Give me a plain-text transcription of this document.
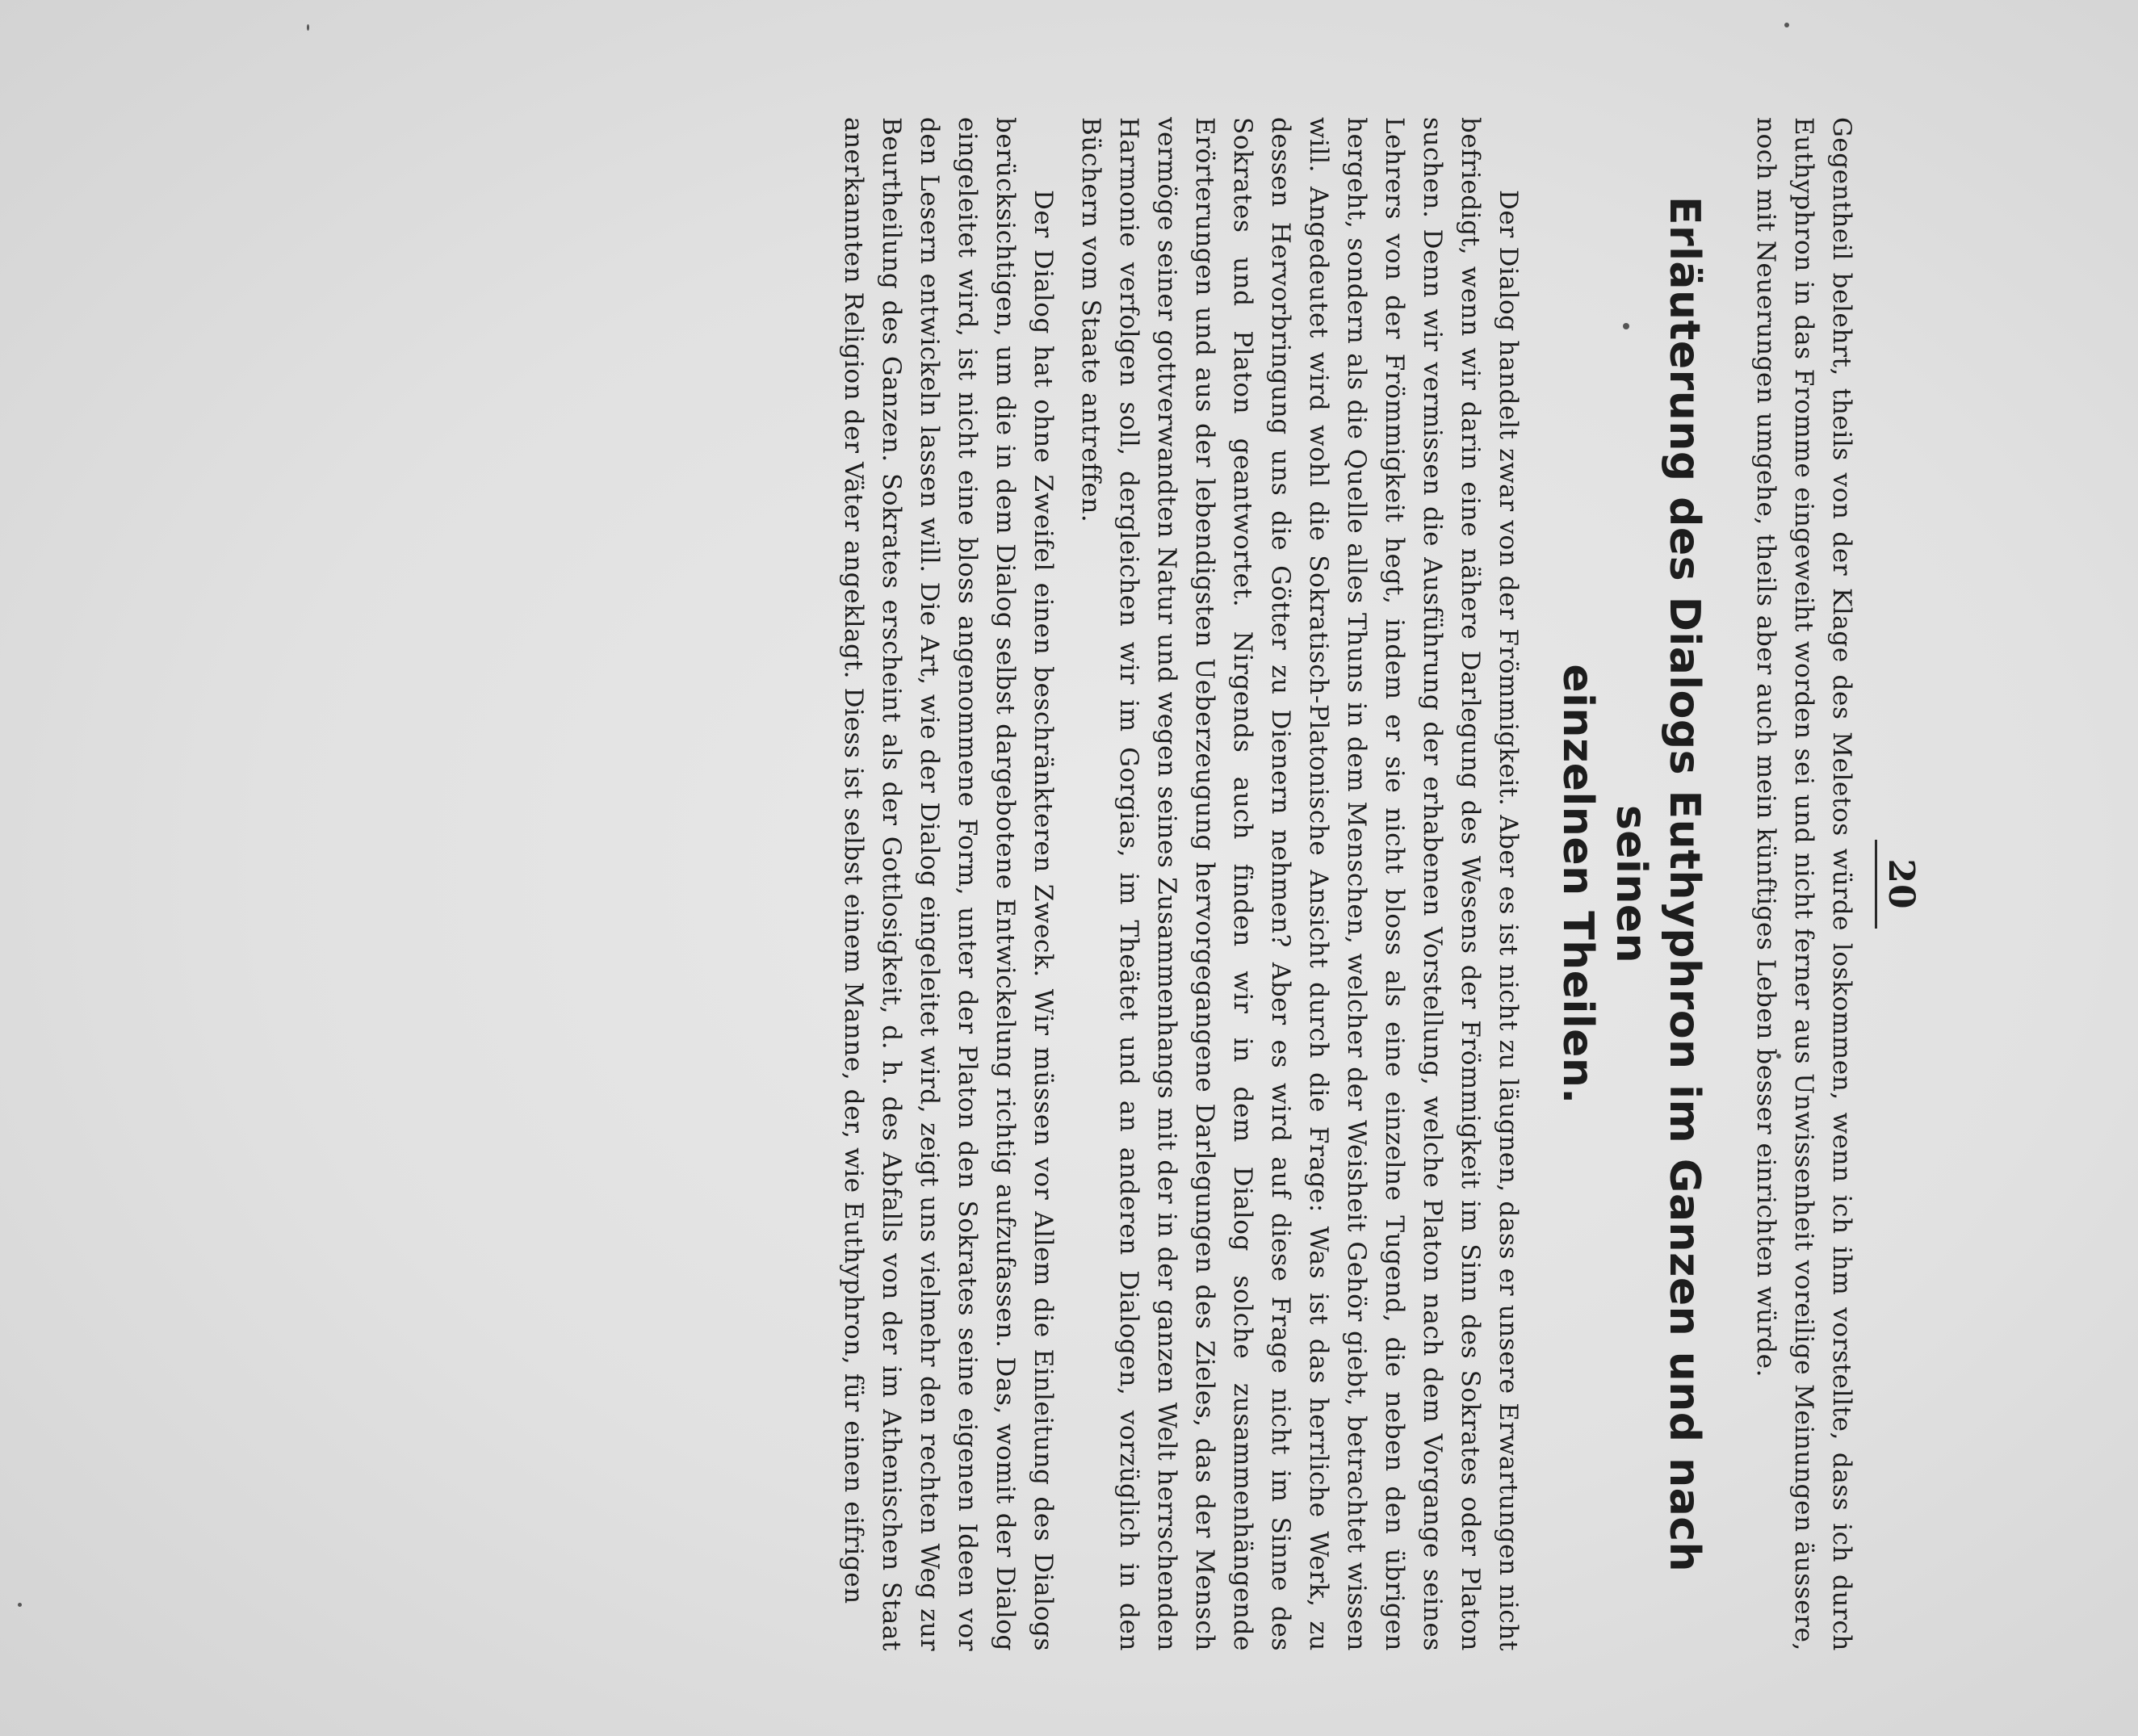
20

Gegentheil belehrt, theils von der Klage des Meletos würde loskommen, wenn ich ihm vorstellte, dass ich durch Euthyphron in das Fromme eingeweiht worden sei und nicht ferner aus Unwissenheit voreilige Meinungen äussere, noch mit Neuerungen umgehe, theils aber auch mein künftiges Leben besser einrichten würde.

Erläuterung des Dialogs Euthyphron im Ganzen und nach seinen
einzelnen Theilen.

Der Dialog handelt zwar von der Frömmigkeit. Aber es ist nicht zu läugnen, dass er unsere Erwartungen nicht befriedigt, wenn wir darin eine nähere Darlegung des Wesens der Frömmigkeit im Sinn des Sokrates oder Platon suchen. Denn wir vermissen die Ausführung der erhabenen Vorstellung, welche Platon nach dem Vorgange seines Lehrers von der Frömmigkeit hegt, indem er sie nicht bloss als eine einzelne Tugend, die neben den übrigen hergeht, sondern als die Quelle alles Thuns in dem Menschen, welcher der Weisheit Gehör giebt, betrachtet wissen will. Angedeutet wird wohl die Sokratisch-Platonische Ansicht durch die Frage: Was ist das herrliche Werk, zu dessen Hervorbringung uns die Götter zu Dienern nehmen? Aber es wird auf diese Frage nicht im Sinne des Sokrates und Platon geantwortet. Nirgends auch finden wir in dem Dialog solche zusammenhängende Erörterungen und aus der lebendigsten Ueberzeugung hervorgegangene Darlegungen des Zieles, das der Mensch vermöge seiner gottverwandten Natur und wegen seines Zusammenhangs mit der in der ganzen Welt herrschenden Harmonie verfolgen soll, dergleichen wir im Gorgias, im Theätet und an anderen Dialogen, vorzüglich in den Büchern vom Staate antreffen.

Der Dialog hat ohne Zweifel einen beschränkteren Zweck. Wir müssen vor Allem die Einleitung des Dialogs berücksichtigen, um die in dem Dialog selbst dargebotene Entwickelung richtig aufzufassen. Das, womit der Dialog eingeleitet wird, ist nicht eine bloss angenommene Form, unter der Platon den Sokrates seine eigenen Ideen vor den Lesern entwickeln lassen will. Die Art, wie der Dialog eingeleitet wird, zeigt uns vielmehr den rechten Weg zur Beurtheilung des Ganzen. Sokrates erscheint als der Gottlosigkeit, d. h. des Abfalls von der im Athenischen Staat anerkannten Religion der Väter angeklagt. Diess ist selbst einem Manne, der, wie Euthyphron, für einen eifrigen
